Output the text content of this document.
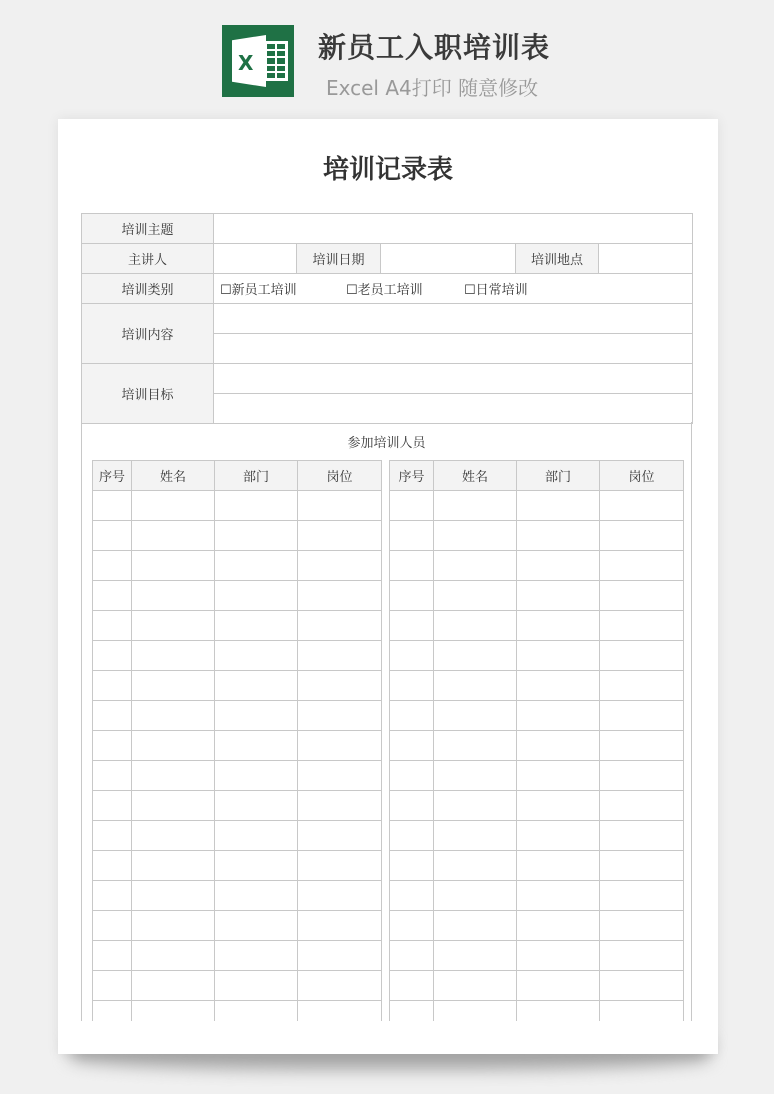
X 新员工入职培训表
Excel A4打印 随意修改
培训记录表
培训主题					
主讲人		培训日期		培训地点	
培训类别	☐新员工培训 ☐老员工培训 ☐日常培训				
培训内容					

培训目标					

参加培训人员
序号	姓名	部门	岗位

				序号	姓名	部门	岗位
